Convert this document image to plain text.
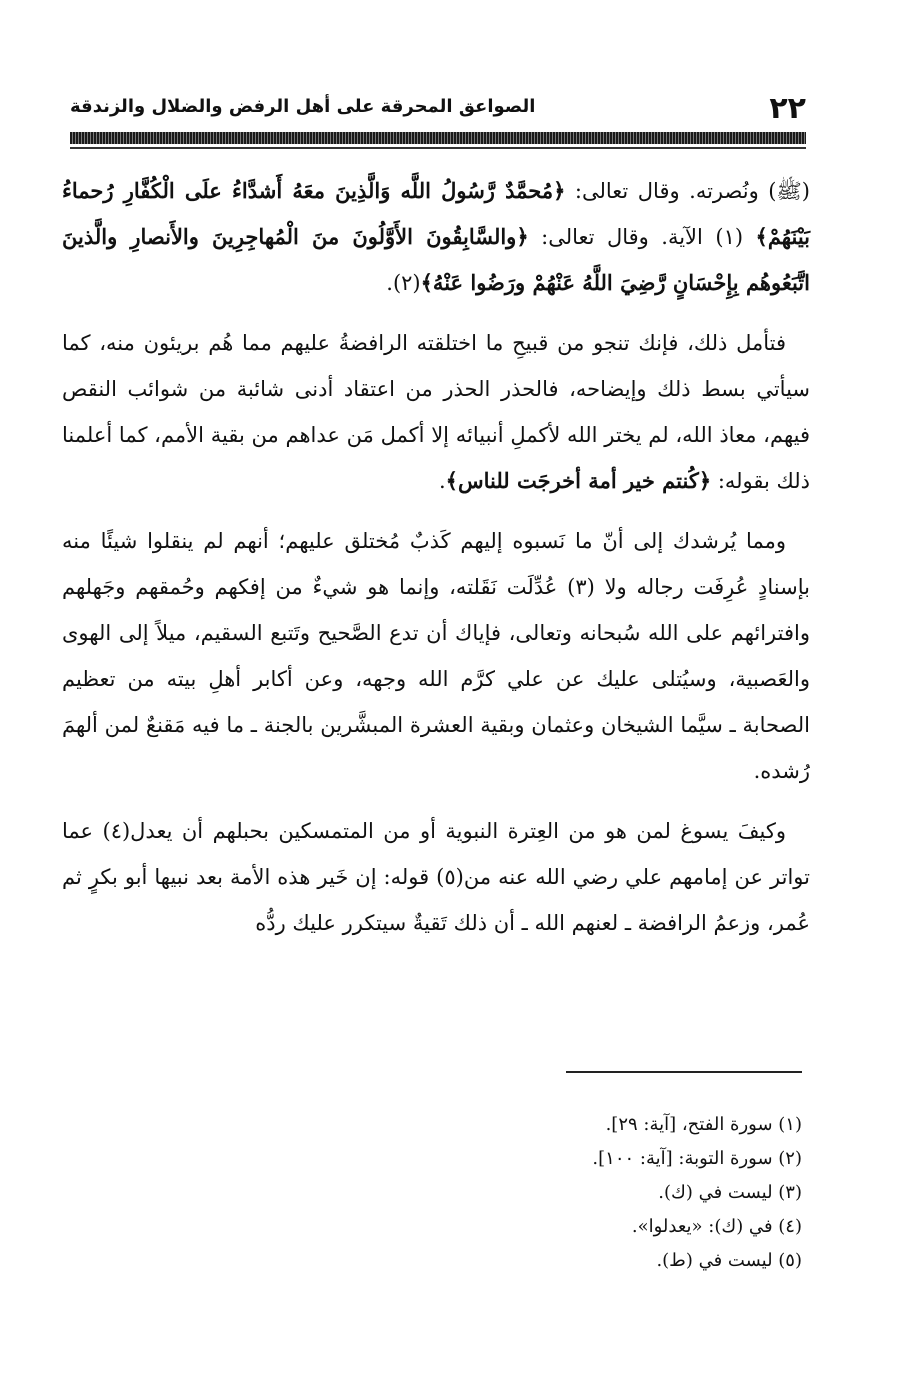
٢٢
الصواعق المحرقة على أهل الرفض والضلال والزندقة

(ﷺ) ونُصرته. وقال تعالى: ﴿مُحمَّدٌ رَّسُولُ اللَّه وَالَّذِينَ معَهُ أَشدَّاءُ علَى الْكُفَّارِ رُحماءُ بَيْنَهُمْ﴾ (١) الآية. وقال تعالى: ﴿والسَّابِقُونَ الأَوَّلُونَ منَ الْمُهاجِرِينَ والأَنصارِ والَّذينَ اتَّبَعُوهُم بِإِحْسَانٍ رَّضِيَ اللَّهُ عَنْهُمْ ورَضُوا عَنْهُ﴾(٢).

فتأمل ذلك، فإنك تنجو من قبيحِ ما اختلقته الرافضةُ عليهم مما هُم بريئون منه، كما سيأتي بسط ذلك وإيضاحه، فالحذر الحذر من اعتقاد أدنى شائبة من شوائب النقص فيهم، معاذ الله، لم يختر الله لأكملِ أنبيائه إلا أكمل مَن عداهم من بقية الأمم، كما أعلمنا ذلك بقوله: ﴿كُنتم خير أمة أخرجَت للناس﴾.

ومما يُرشدك إلى أنّ ما نَسبوه إليهم كَذبٌ مُختلق عليهم؛ أنهم لم ينقلوا شيئًا منه بإسنادٍ عُرِفَت رجاله ولا (٣) عُدِّلَت نَقَلته، وإنما هو شيءٌ من إفكهم وحُمقهم وجَهلهم وافترائهم على الله سُبحانه وتعالى، فإياك أن تدع الصَّحيح وتَتبع السقيم، ميلاً إلى الهوى والعَصبية، وسيُتلى عليك عن علي كرَّم الله وجهه، وعن أكابر أهلِ بيته من تعظيم الصحابة ـ سيَّما الشيخان وعثمان وبقية العشرة المبشَّرين بالجنة ـ ما فيه مَقنعٌ لمن ألهمَ رُشده.

وكيفَ يسوغ لمن هو من العِترة النبوية أو من المتمسكين بحبلهم أن يعدل(٤) عما تواتر عن إمامهم علي رضي الله عنه من(٥) قوله: إن خَير هذه الأمة بعد نبيها أبو بكرٍ ثم عُمر، وزعمُ الرافضة ـ لعنهم الله ـ أن ذلك تَقيةٌ سيتكرر عليك ردُّه

(١) سورة الفتح، [آية: ٢٩].
(٢) سورة التوبة: [آية: ١٠٠].
(٣) ليست في (ك).
(٤) في (ك): «يعدلوا».
(٥) ليست في (ط).
